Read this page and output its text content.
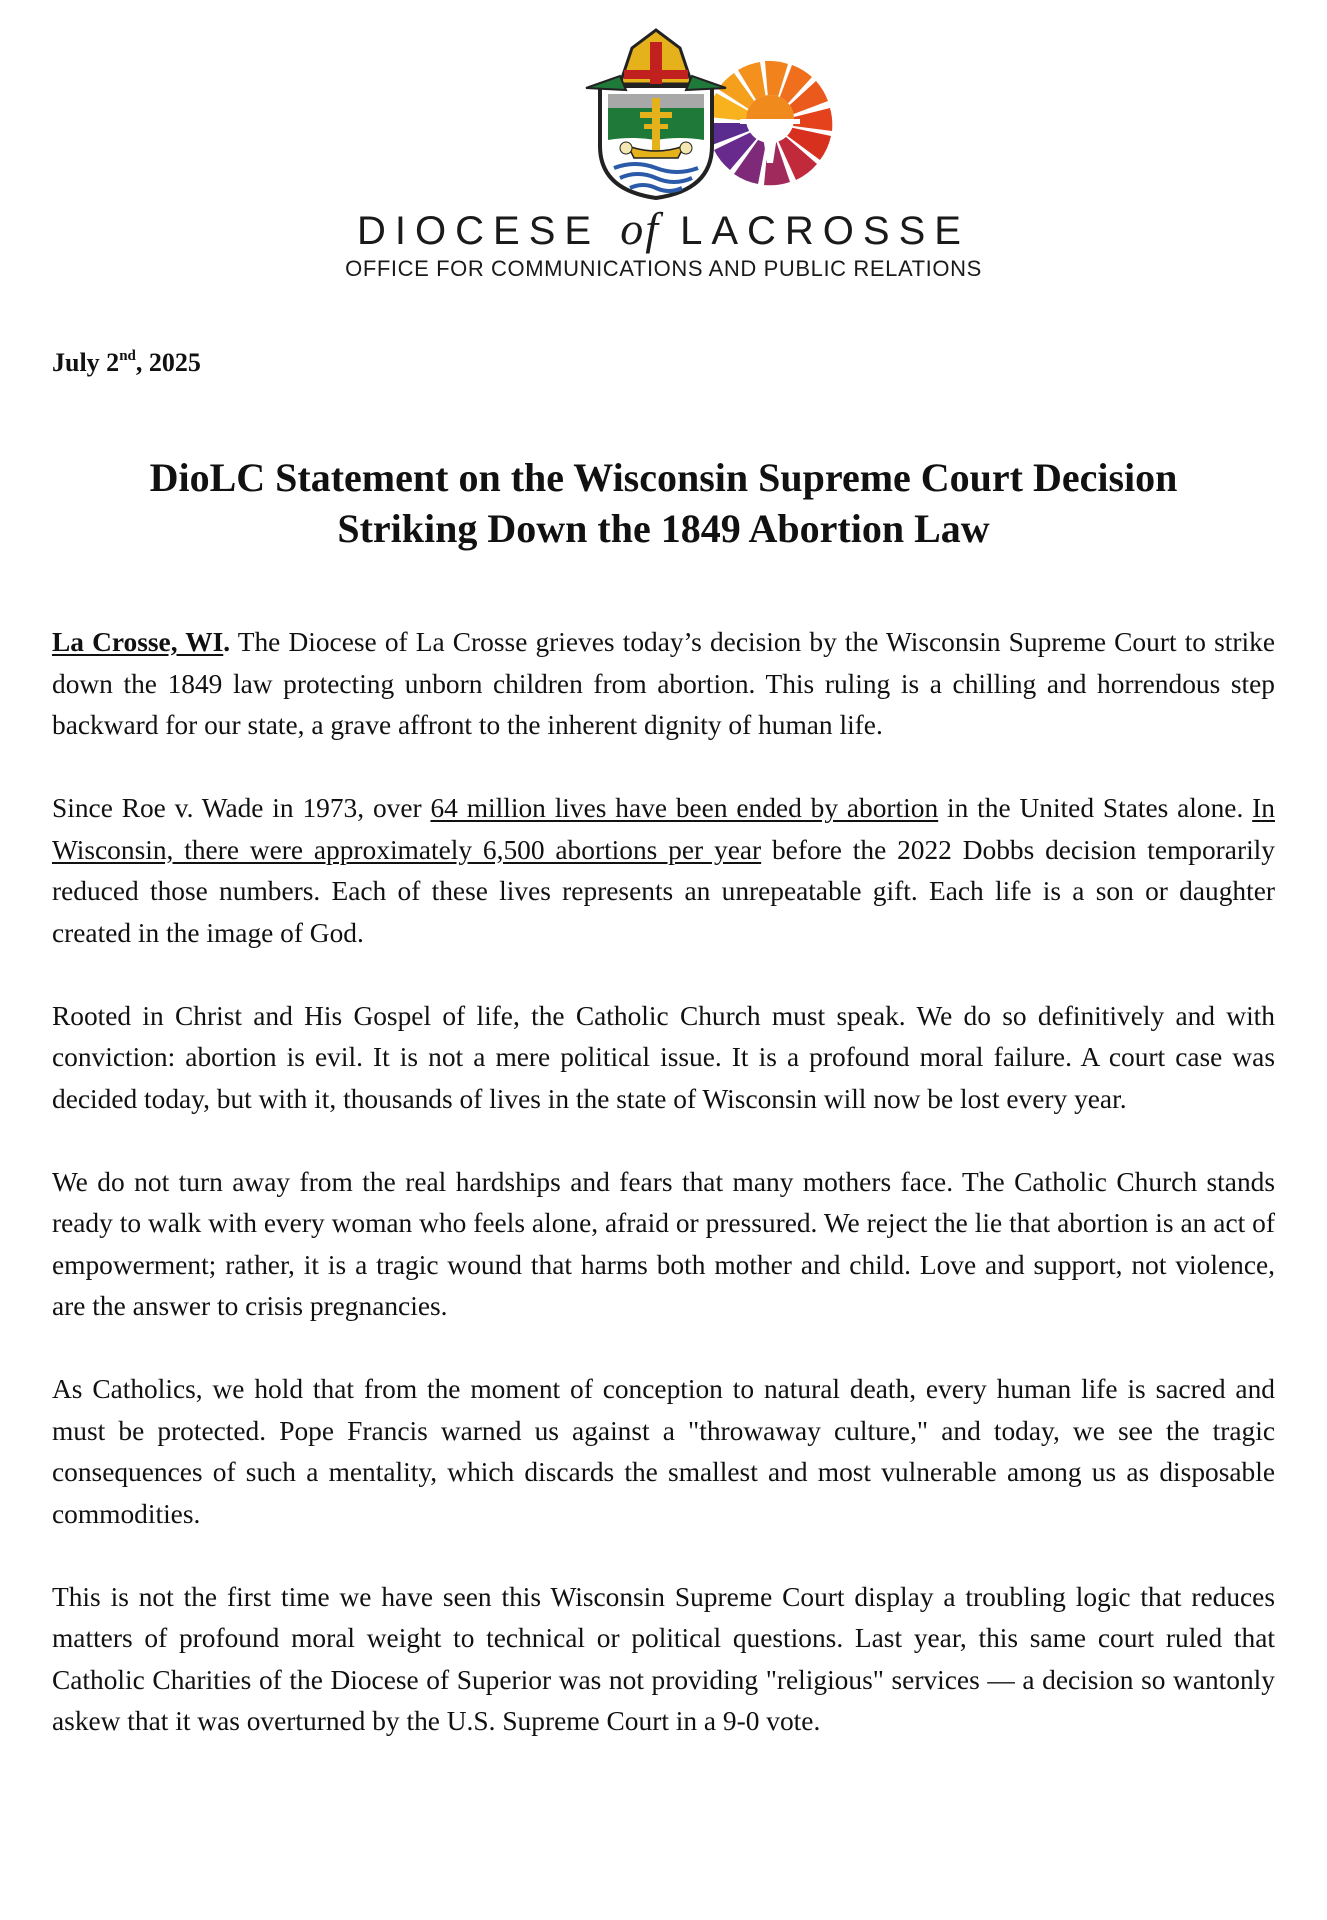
DIOCESE of LACROSSE
OFFICE FOR COMMUNICATIONS AND PUBLIC RELATIONS
July 2nd, 2025
DioLC Statement on the Wisconsin Supreme Court Decision
Striking Down the 1849 Abortion Law

La Crosse, WI. The Diocese of La Crosse grieves today’s decision by the Wisconsin Supreme Court to strike down the 1849 law protecting unborn children from abortion. This ruling is a chilling and horrendous step backward for our state, a grave affront to the inherent dignity of human life.

Since Roe v. Wade in 1973, over 64 million lives have been ended by abortion in the United States alone. In Wisconsin, there were approximately 6,500 abortions per year before the 2022 Dobbs decision temporarily reduced those numbers. Each of these lives represents an unrepeatable gift. Each life is a son or daughter created in the image of God.

Rooted in Christ and His Gospel of life, the Catholic Church must speak. We do so definitively and with conviction: abortion is evil. It is not a mere political issue. It is a profound moral failure. A court case was decided today, but with it, thousands of lives in the state of Wisconsin will now be lost every year.

We do not turn away from the real hardships and fears that many mothers face. The Catholic Church stands ready to walk with every woman who feels alone, afraid or pressured. We reject the lie that abortion is an act of empowerment; rather, it is a tragic wound that harms both mother and child. Love and support, not violence, are the answer to crisis pregnancies.

As Catholics, we hold that from the moment of conception to natural death, every human life is sacred and must be protected. Pope Francis warned us against a "throwaway culture," and today, we see the tragic consequences of such a mentality, which discards the smallest and most vulnerable among us as disposable commodities.

This is not the first time we have seen this Wisconsin Supreme Court display a troubling logic that reduces matters of profound moral weight to technical or political questions. Last year, this same court ruled that Catholic Charities of the Diocese of Superior was not providing "religious" services — a decision so wantonly askew that it was overturned by the U.S. Supreme Court in a 9-0 vote.
